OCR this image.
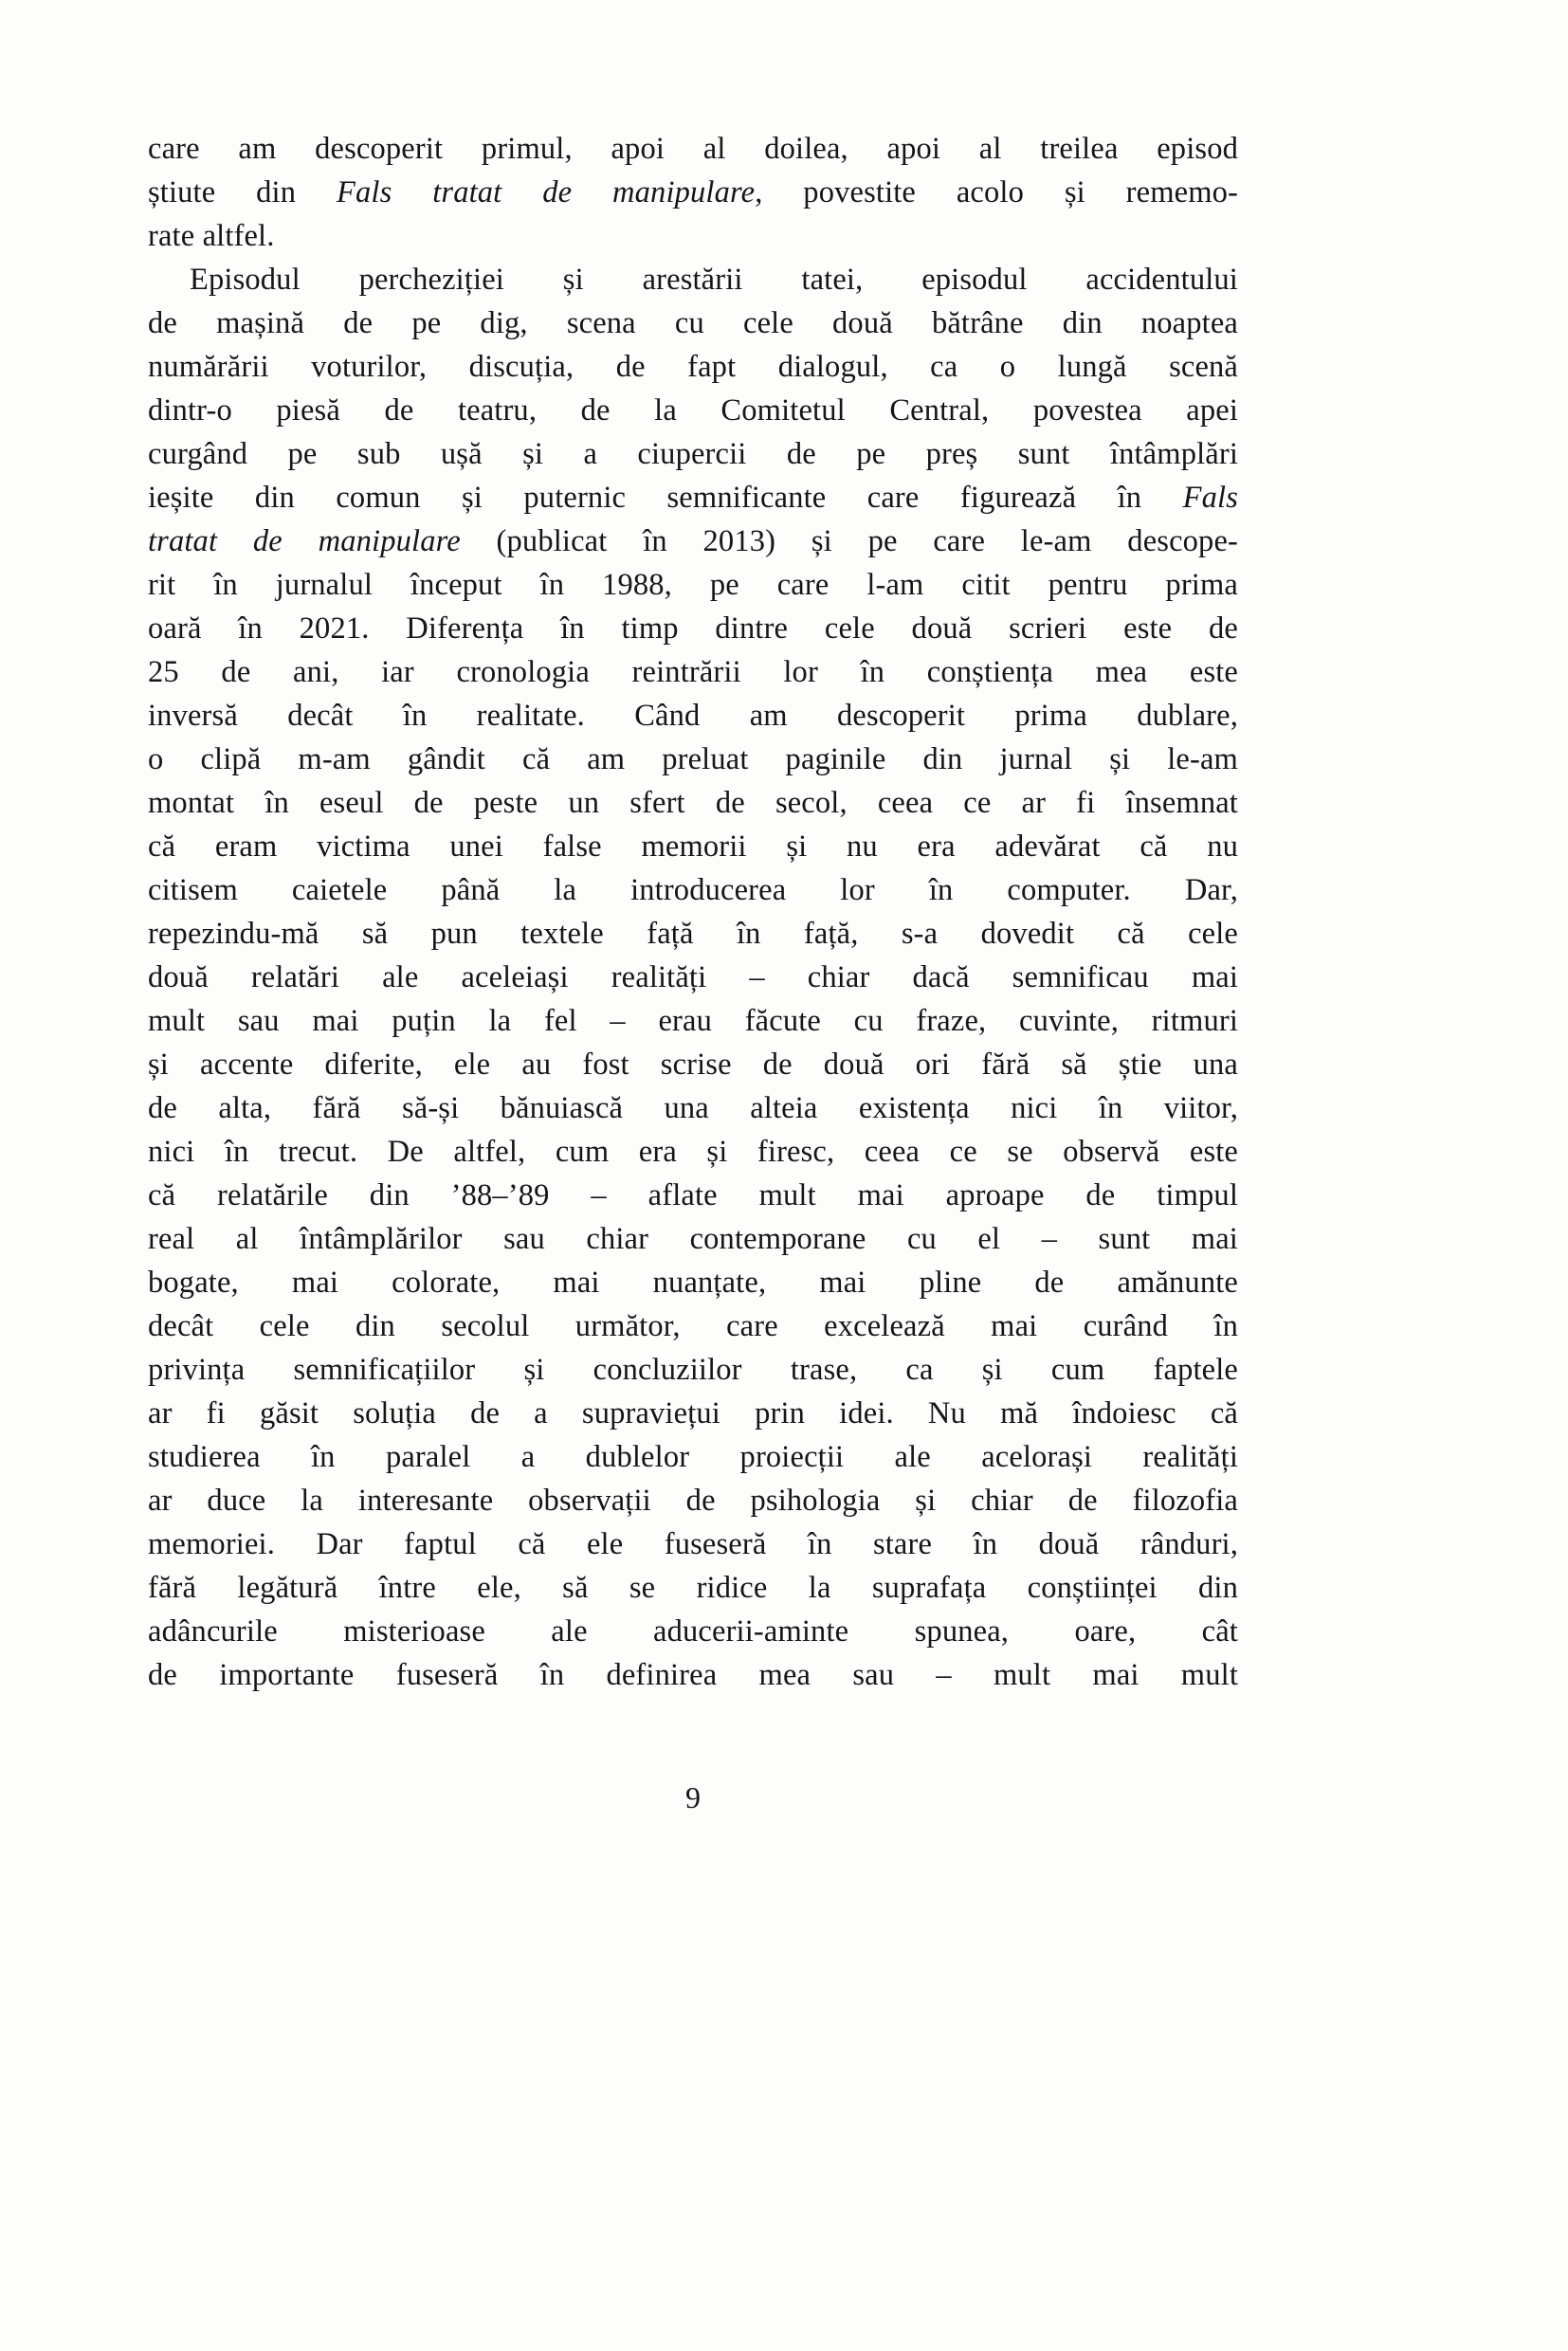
care am descoperit primul, apoi al doilea, apoi al treilea episod
știute din Fals tratat de manipulare, povestite acolo și rememo-
rate altfel.
Episodul percheziției și arestării tatei, episodul accidentului
de mașină de pe dig, scena cu cele două bătrâne din noaptea
numărării voturilor, discuția, de fapt dialogul, ca o lungă scenă
dintr-o piesă de teatru, de la Comitetul Central, povestea apei
curgând pe sub ușă și a ciupercii de pe preș sunt întâmplări
ieșite din comun și puternic semnificante care figurează în Fals
tratat de manipulare (publicat în 2013) și pe care le-am descope-
rit în jurnalul început în 1988, pe care l-am citit pentru prima
oară în 2021. Diferența în timp dintre cele două scrieri este de
25 de ani, iar cronologia reintrării lor în conștiența mea este
inversă decât în realitate. Când am descoperit prima dublare,
o clipă m-am gândit că am preluat paginile din jurnal și le-am
montat în eseul de peste un sfert de secol, ceea ce ar fi însemnat
că eram victima unei false memorii și nu era adevărat că nu
citisem caietele până la introducerea lor în computer. Dar,
repezindu-mă să pun textele față în față, s-a dovedit că cele
două relatări ale aceleiași realități – chiar dacă semnificau mai
mult sau mai puțin la fel – erau făcute cu fraze, cuvinte, ritmuri
și accente diferite, ele au fost scrise de două ori fără să știe una
de alta, fără să-și bănuiască una alteia existența nici în viitor,
nici în trecut. De altfel, cum era și firesc, ceea ce se observă este
că relatările din ’88–’89 – aflate mult mai aproape de timpul
real al întâmplărilor sau chiar contemporane cu el – sunt mai
bogate, mai colorate, mai nuanțate, mai pline de amănunte
decât cele din secolul următor, care excelează mai curând în
privința semnificațiilor și concluziilor trase, ca și cum faptele
ar fi găsit soluția de a supraviețui prin idei. Nu mă îndoiesc că
studierea în paralel a dublelor proiecții ale acelorași realități
ar duce la interesante observații de psihologia și chiar de filozofia
memoriei. Dar faptul că ele fuseseră în stare în două rânduri,
fără legătură între ele, să se ridice la suprafața conștiinței din
adâncurile misterioase ale aducerii-aminte spunea, oare, cât
de importante fuseseră în definirea mea sau – mult mai mult
9
